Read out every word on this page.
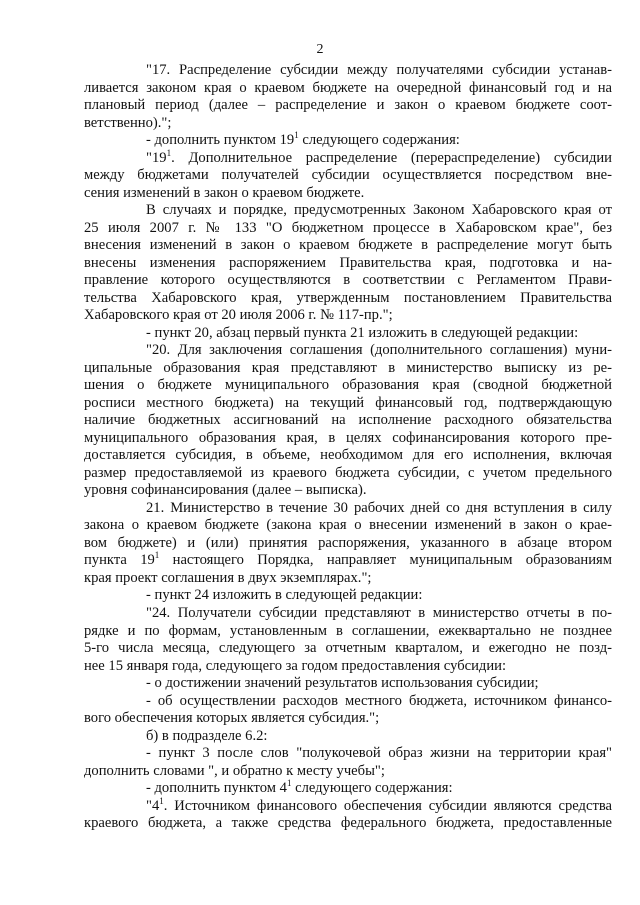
2
"17. Распределение субсидии между получателями субсидии устанав-
ливается законом края о краевом бюджете на очередной финансовый год и на
плановый период (далее – распределение и закон о краевом бюджете соот-
ветственно).";
- дополнить пунктом $19^1$ следующего содержания:
"$19^1$. Дополнительное распределение (перераспределение) субсидии
между бюджетами получателей субсидии осуществляется посредством вне-
сения изменений в закон о краевом бюджете.
В случаях и порядке, предусмотренных Законом Хабаровского края от
25 июля 2007 г. № 133 "О бюджетном процессе в Хабаровском крае", без
внесения изменений в закон о краевом бюджете в распределение могут быть
внесены изменения распоряжением Правительства края, подготовка и на-
правление которого осуществляются в соответствии с Регламентом Прави-
тельства Хабаровского края, утвержденным постановлением Правительства
Хабаровского края от 20 июля 2006 г. № 117-пр.";
- пункт 20, абзац первый пункта 21 изложить в следующей редакции:
"20. Для заключения соглашения (дополнительного соглашения) муни-
ципальные образования края представляют в министерство выписку из ре-
шения о бюджете муниципального образования края (сводной бюджетной
росписи местного бюджета) на текущий финансовый год, подтверждающую
наличие бюджетных ассигнований на исполнение расходного обязательства
муниципального образования края, в целях софинансирования которого пре-
доставляется субсидия, в объеме, необходимом для его исполнения, включая
размер предоставляемой из краевого бюджета субсидии, с учетом предельного
уровня софинансирования (далее – выписка).
21. Министерство в течение 30 рабочих дней со дня вступления в силу
закона о краевом бюджете (закона края о внесении изменений в закон о крае-
вом бюджете) и (или) принятия распоряжения, указанного в абзаце втором
пункта $19^1$ настоящего Порядка, направляет муниципальным образованиям
края проект соглашения в двух экземплярах.";
- пункт 24 изложить в следующей редакции:
"24. Получатели субсидии представляют в министерство отчеты в по-
рядке и по формам, установленным в соглашении, ежеквартально не позднее
5-го числа месяца, следующего за отчетным кварталом, и ежегодно не позд-
нее 15 января года, следующего за годом предоставления субсидии:
- о достижении значений результатов использования субсидии;
- об осуществлении расходов местного бюджета, источником финансо-
вого обеспечения которых является субсидия.";
б) в подразделе 6.2:
- пункт 3 после слов "полукочевой образ жизни на территории края"
дополнить словами ", и обратно к месту учебы";
- дополнить пунктом $4^1$ следующего содержания:
"$4^1$. Источником финансового обеспечения субсидии являются средства
краевого бюджета, а также средства федерального бюджета, предоставленные
